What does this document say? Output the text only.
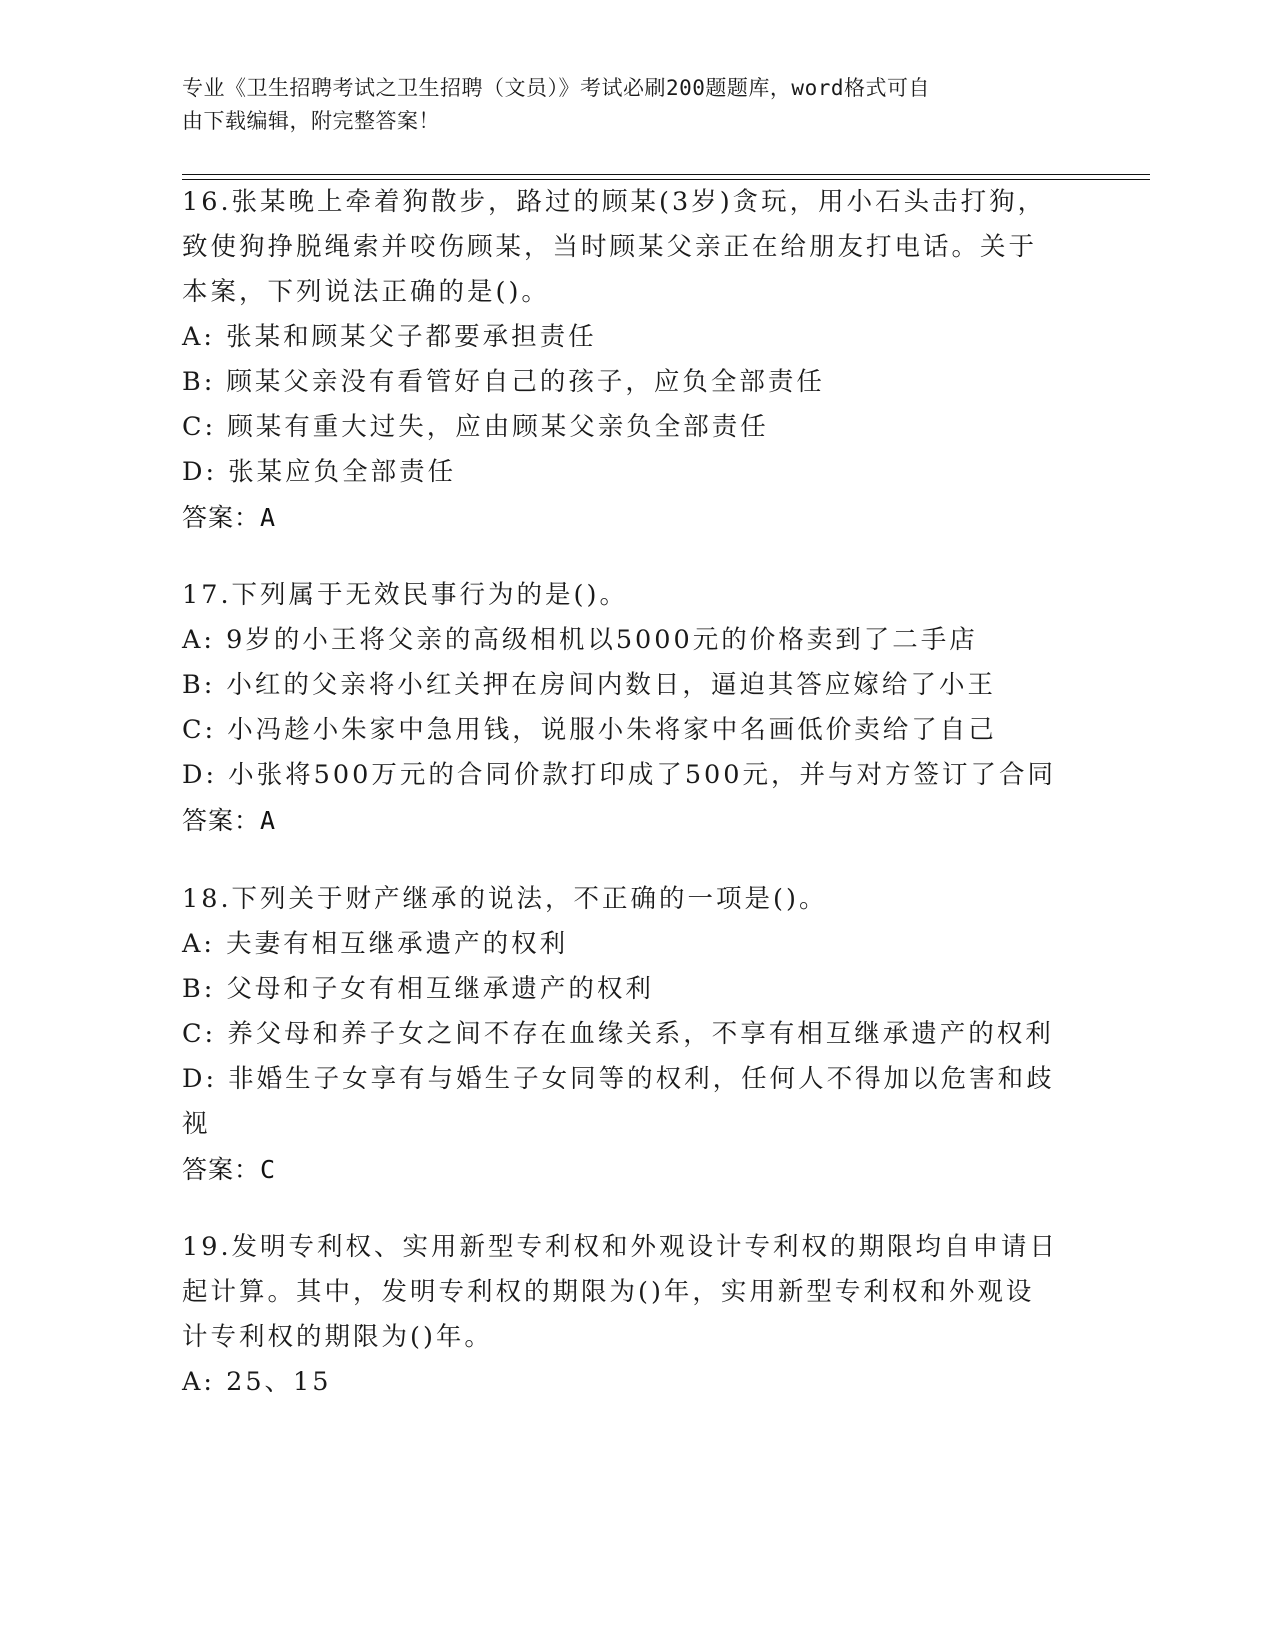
专业《卫生招聘考试之卫生招聘（文员）》考试必刷200题题库，word格式可自
由下载编辑，附完整答案！
16.张某晚上牵着狗散步，路过的顾某(3岁)贪玩，用小石头击打狗，
致使狗挣脱绳索并咬伤顾某，当时顾某父亲正在给朋友打电话。关于
本案，下列说法正确的是()。
A: 张某和顾某父子都要承担责任
B: 顾某父亲没有看管好自己的孩子，应负全部责任
C: 顾某有重大过失，应由顾某父亲负全部责任
D: 张某应负全部责任
答案：A
17.下列属于无效民事行为的是()。
A: 9岁的小王将父亲的高级相机以5000元的价格卖到了二手店
B: 小红的父亲将小红关押在房间内数日，逼迫其答应嫁给了小王
C: 小冯趁小朱家中急用钱，说服小朱将家中名画低价卖给了自己
D: 小张将500万元的合同价款打印成了500元，并与对方签订了合同
答案：A
18.下列关于财产继承的说法，不正确的一项是()。
A: 夫妻有相互继承遗产的权利
B: 父母和子女有相互继承遗产的权利
C: 养父母和养子女之间不存在血缘关系，不享有相互继承遗产的权利
D: 非婚生子女享有与婚生子女同等的权利，任何人不得加以危害和歧
视
答案：C
19.发明专利权、实用新型专利权和外观设计专利权的期限均自申请日
起计算。其中，发明专利权的期限为()年，实用新型专利权和外观设
计专利权的期限为()年。
A: 25、15
